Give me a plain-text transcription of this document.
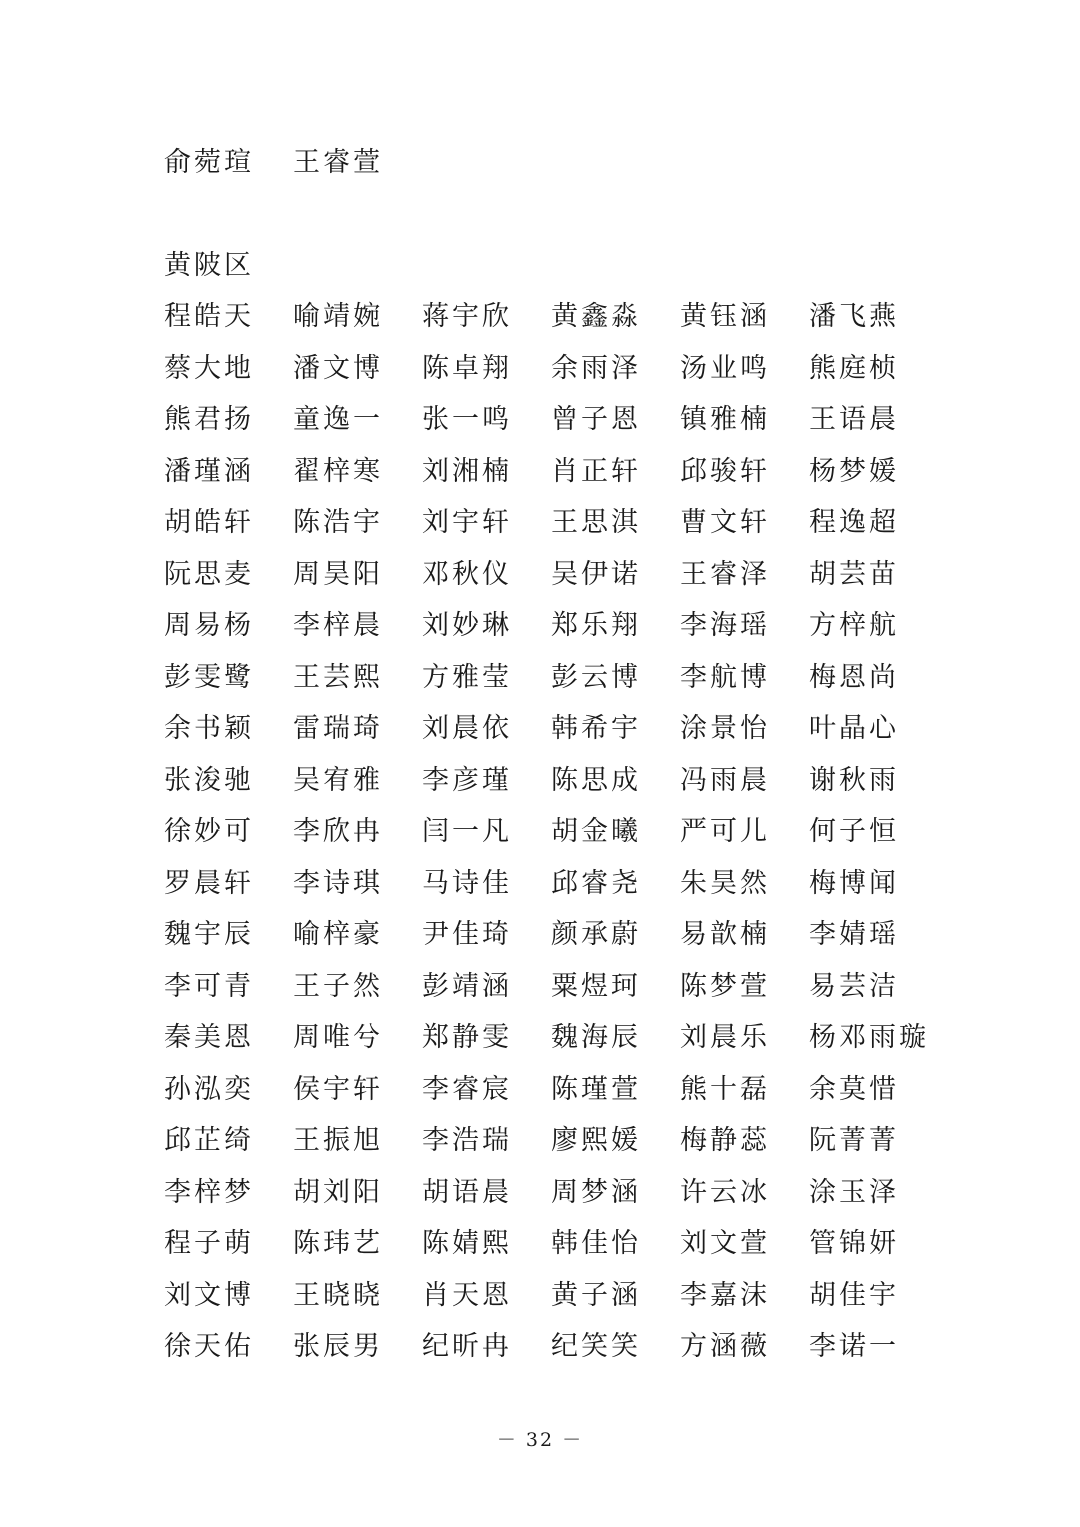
俞菀瑄	王睿萱
黄陂区
程皓天	喻靖婉	蒋宇欣	黄鑫淼	黄钰涵	潘飞燕
蔡大地	潘文博	陈卓翔	余雨泽	汤业鸣	熊庭桢
熊君扬	童逸一	张一鸣	曾子恩	镇雅楠	王语晨
潘瑾涵	翟梓寒	刘湘楠	肖正轩	邱骏轩	杨梦媛
胡皓轩	陈浩宇	刘宇轩	王思淇	曹文轩	程逸超
阮思麦	周昊阳	邓秋仪	吴伊诺	王睿泽	胡芸苗
周易杨	李梓晨	刘妙琳	郑乐翔	李海瑶	方梓航
彭雯鹭	王芸熙	方雅莹	彭云博	李航博	梅恩尚
余书颖	雷瑞琦	刘晨依	韩希宇	涂景怡	叶晶心
张浚驰	吴宥雅	李彦瑾	陈思成	冯雨晨	谢秋雨
徐妙可	李欣冉	闫一凡	胡金曦	严可儿	何子恒
罗晨轩	李诗琪	马诗佳	邱睿尧	朱昊然	梅博闻
魏宇辰	喻梓豪	尹佳琦	颜承蔚	易歆楠	李婧瑶
李可青	王子然	彭靖涵	粟煜珂	陈梦萱	易芸洁
秦美恩	周唯兮	郑静雯	魏海辰	刘晨乐	杨邓雨璇
孙泓奕	侯宇轩	李睿宸	陈瑾萱	熊十磊	余莫惜
邱芷绮	王振旭	李浩瑞	廖熙媛	梅静蕊	阮菁菁
李梓梦	胡刘阳	胡语晨	周梦涵	许云冰	涂玉泽
程子萌	陈玮艺	陈婧熙	韩佳怡	刘文萱	管锦妍
刘文博	王晓晓	肖天恩	黄子涵	李嘉沫	胡佳宇
徐天佑	张辰男	纪昕冉	纪笑笑	方涵薇	李诺一
－ 32 －
